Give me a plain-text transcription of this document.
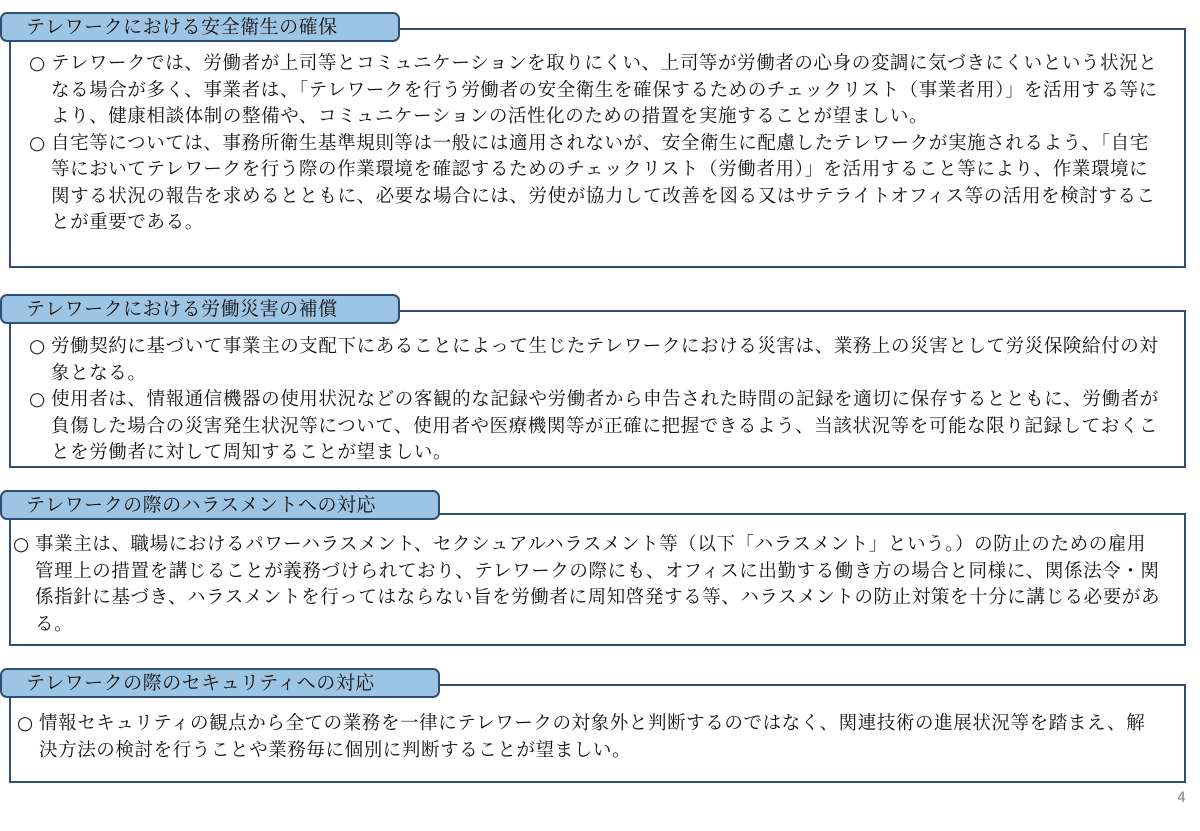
○ テレワークでは、労働者が上司等とコミュニケーションを取りにくい、上司等が労働者の心身の変調に気づきにくいという状況となる場合が多く、事業者は、「テレワークを行う労働者の安全衛生を確保するためのチェックリスト（事業者用）」を活用する等により、健康相談体制の整備や、コミュニケーションの活性化のための措置を実施することが望ましい。

○ 自宅等については、事務所衛生基準規則等は一般には適用されないが、安全衛生に配慮したテレワークが実施されるよう、「自宅等においてテレワークを行う際の作業環境を確認するためのチェックリスト（労働者用）」を活用すること等により、作業環境に関する状況の報告を求めるとともに、必要な場合には、労使が協力して改善を図る又はサテライトオフィス等の活用を検討することが重要である。

テレワークにおける安全衛生の確保

○ 労働契約に基づいて事業主の支配下にあることによって生じたテレワークにおける災害は、業務上の災害として労災保険給付の対象となる。

○ 使用者は、情報通信機器の使用状況などの客観的な記録や労働者から申告された時間の記録を適切に保存するとともに、労働者が負傷した場合の災害発生状況等について、使用者や医療機関等が正確に把握できるよう、当該状況等を可能な限り記録しておくことを労働者に対して周知することが望ましい。

テレワークにおける労働災害の補償

○ 事業主は、職場におけるパワーハラスメント、セクシュアルハラスメント等（以下「ハラスメント」という。）の防止のための雇用管理上の措置を講じることが義務づけられており、テレワークの際にも、オフィスに出勤する働き方の場合と同様に、関係法令・関係指針に基づき、ハラスメントを行ってはならない旨を労働者に周知啓発する等、ハラスメントの防止対策を十分に講じる必要がある。

テレワークの際のハラスメントへの対応

○ 情報セキュリティの観点から全ての業務を一律にテレワークの対象外と判断するのではなく、関連技術の進展状況等を踏まえ、解決方法の検討を行うことや業務毎に個別に判断することが望ましい。

テレワークの際のセキュリティへの対応
4
